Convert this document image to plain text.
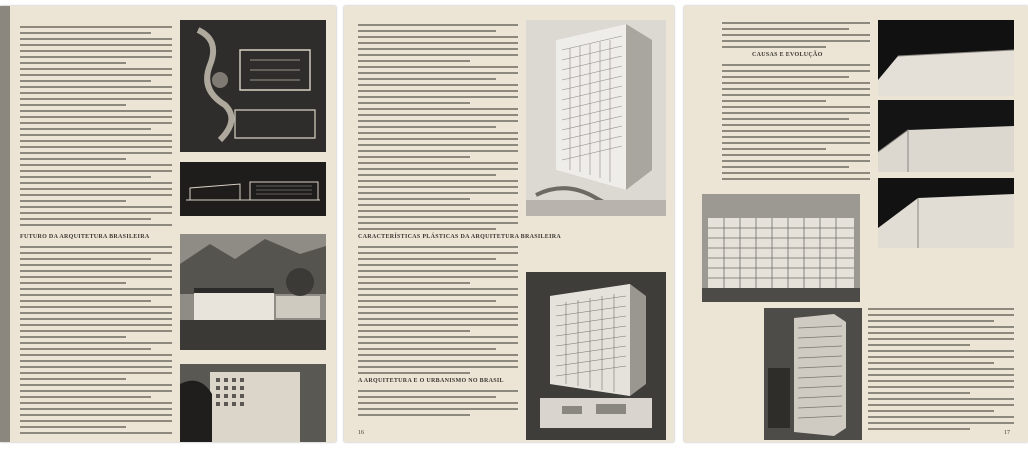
FUTURO DA ARQUITETURA BRASILEIRA	CARACTERÍSTICAS PLÁSTICAS DA ARQUITETURA BRASILEIRA
A ARQUITETURA E O URBANISMO NO BRASIL
16
CAUSAS E EVOLUÇÃO
17
